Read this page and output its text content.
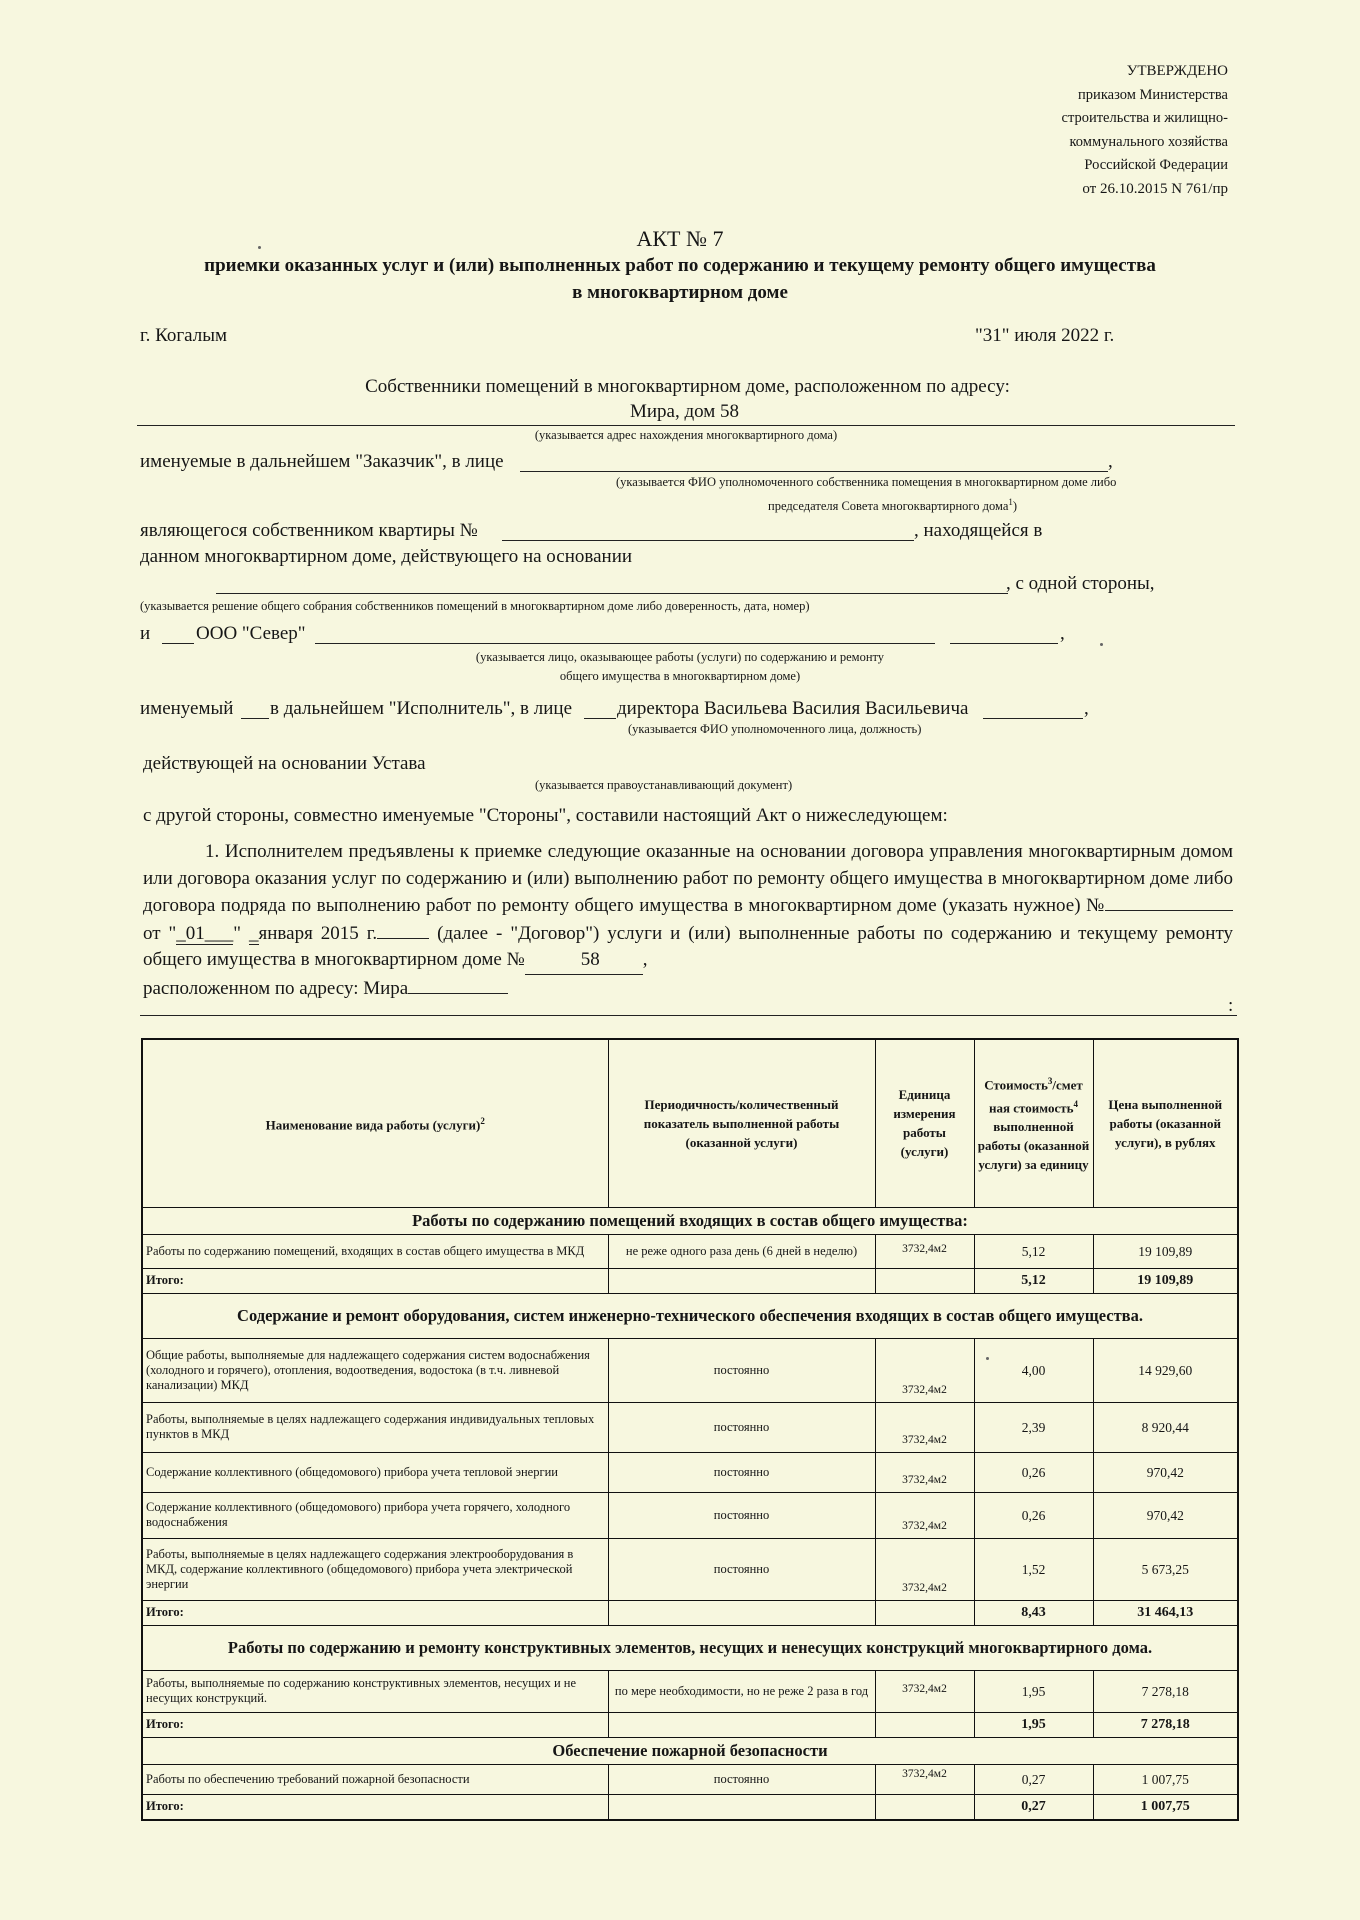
УТВЕРЖДЕНО
приказом Министерства
строительства и жилищно-
коммунального хозяйства
Российской Федерации
от 26.10.2015 N 761/пр
АКТ № 7
приемки оказанных услуг и (или) выполненных работ по содержанию и текущему ремонту общего имущества
в многоквартирном доме
г. Когалым	"31" июля 2022 г.
Собственники помещений в многоквартирном доме, расположенном по адресу:
Мира, дом 58
(указывается адрес нахождения многоквартирного дома)
именуемые в дальнейшем "Заказчик", в лице	,
(указывается ФИО уполномоченного собственника помещения в многоквартирном доме либо
председателя Совета многоквартирного дома$^1$)
являющегося собственником квартиры №	, находящейся в
данном многоквартирном доме, действующего на основании
, с одной стороны,
(указывается решение общего собрания собственников помещений в многоквартирном доме либо доверенность, дата, номер)
и ООО "Север"	,
(указывается лицо, оказывающее работы (услуги) по содержанию и ремонту
общего имущества в многоквартирном доме)
именуемый в дальнейшем "Исполнитель", в лице директора Васильева Василия Васильевича	,
(указывается ФИО уполномоченного лица, должность)
действующей на основании Устава
(указывается правоустанавливающий документ)
с другой стороны, совместно именуемые "Стороны", составили настоящий Акт о нижеследующем:
1. Исполнителем предъявлены к приемке следующие оказанные на основании договора управления многоквартирным домом или договора оказания услуг по содержанию и (или) выполнению работ по ремонту общего имущества в многоквартирном доме либо договора подряда по выполнению работ по ремонту общего имущества в многоквартирном доме (указать нужное) № от "_01___" _января 2015 г.	(далее - "Договор") услуги и (или) выполненные работы по содержанию и текущему ремонту общего имущества в многоквартирном доме №	58 ,
расположенном по адресу: Мира
:
Наименование вида работы (услуги)$^2$	Периодичность/количественный показатель выполненной работы (оказанной услуги)	Единица измерения работы (услуги)	Стоимость$^3$/смет ная стоимость$^4$ выполненной работы (оказанной услуги) за единицу	Цена выполненной работы (оказанной услуги), в рублях
Работы по содержанию помещений входящих в состав общего имущества:				
Работы по содержанию помещений, входящих в состав общего имущества в МКД	не реже одного раза день (6 дней в неделю)	3732,4м2	5,12	19 109,89
Итого:			5,12	19 109,89
Содержание и ремонт оборудования, систем инженерно-технического обеспечения входящих в состав общего имущества.				
Общие работы, выполняемые для надлежащего содержания систем водоснабжения (холодного и горячего), отопления, водоотведения, водостока (в т.ч. ливневой канализации) МКД	постоянно	3732,4м2	4,00	14 929,60
Работы, выполняемые в целях надлежащего содержания индивидуальных тепловых пунктов в МКД	постоянно	3732,4м2	2,39	8 920,44
Содержание коллективного (общедомового) прибора учета тепловой энергии	постоянно	3732,4м2	0,26	970,42
Содержание коллективного (общедомового) прибора учета горячего, холодного водоснабжения	постоянно	3732,4м2	0,26	970,42
Работы, выполняемые в целях надлежащего содержания электрооборудования в МКД, содержание коллективного (общедомового) прибора учета электрической энергии	постоянно	3732,4м2	1,52	5 673,25
Итого:			8,43	31 464,13
Работы по содержанию и ремонту конструктивных элементов, несущих и ненесущих конструкций многоквартирного дома.				
Работы, выполняемые по содержанию конструктивных элементов, несущих и не несущих конструкций.	по мере необходимости, но не реже 2 раза в год	3732,4м2	1,95	7 278,18
Итого:			1,95	7 278,18
Обеспечение пожарной безопасности				
Работы по обеспечению требований пожарной безопасности	постоянно	3732,4м2	0,27	1 007,75
Итого:			0,27	1 007,75
